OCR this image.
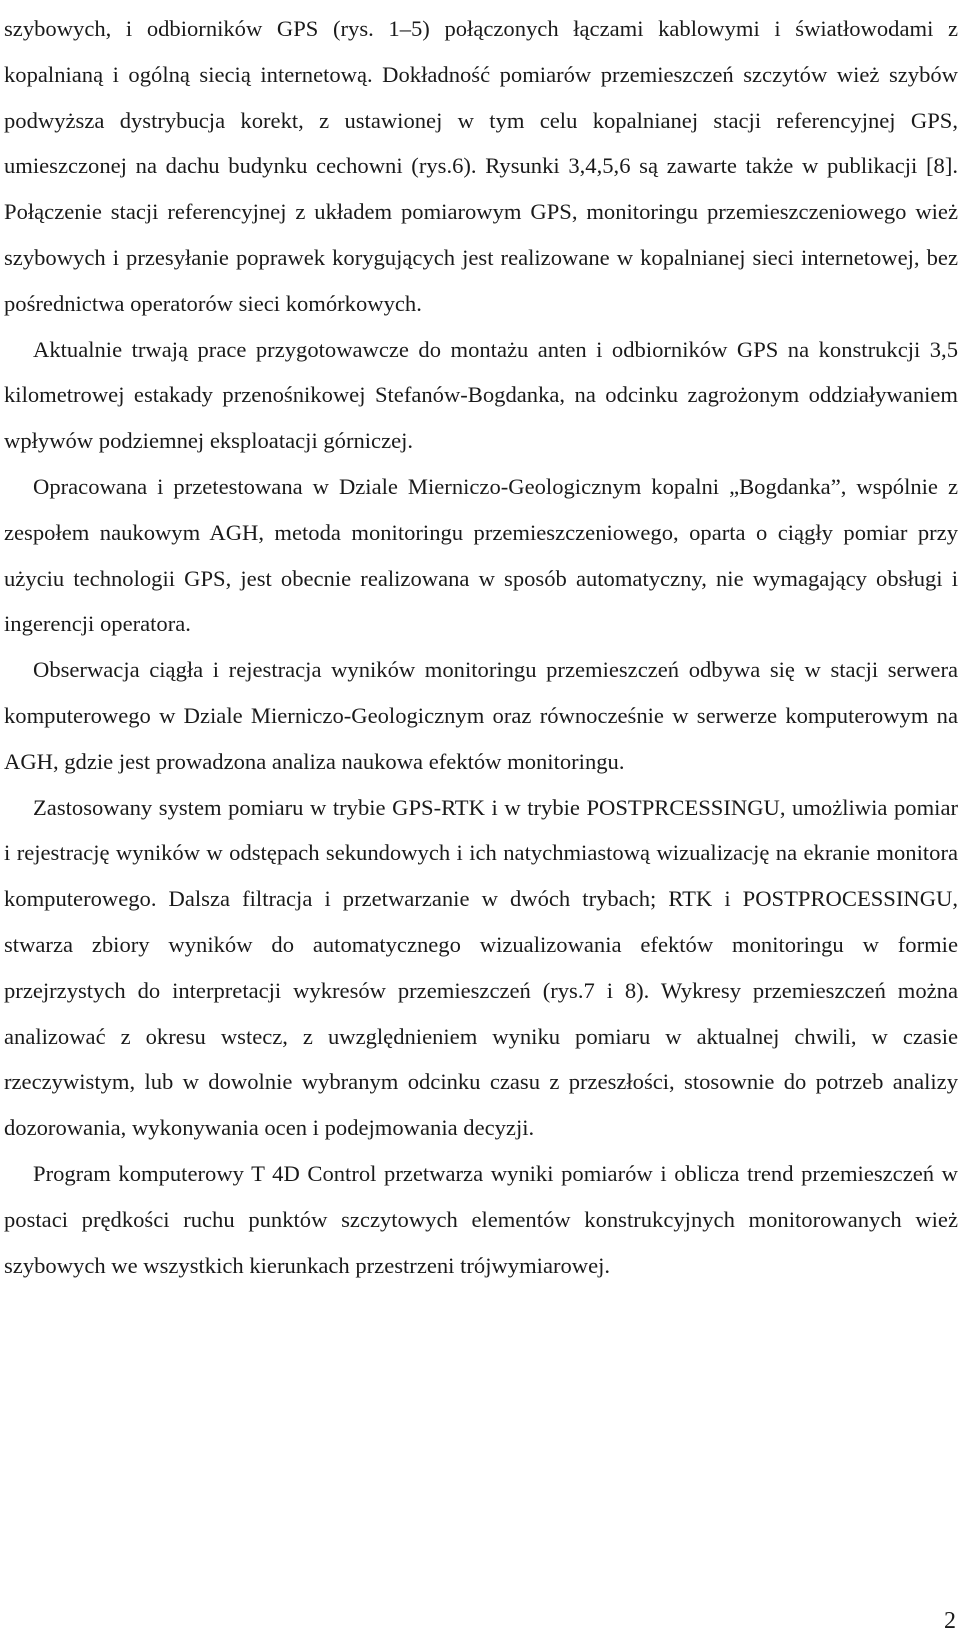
szybowych, i odbiorników GPS (rys. 1–5) połączonych łączami kablowymi i światłowodami z kopalnianą i ogólną siecią internetową. Dokładność pomiarów przemieszczeń szczytów wież szybów podwyższa dystrybucja korekt, z ustawionej w tym celu kopalnianej stacji referencyjnej GPS, umieszczonej na dachu budynku cechowni (rys.6). Rysunki 3,4,5,6 są zawarte także w publikacji [8]. Połączenie stacji referencyjnej z układem pomiarowym GPS, monitoringu przemieszczeniowego wież szybowych i przesyłanie poprawek korygujących jest realizowane w kopalnianej sieci internetowej, bez pośrednictwa operatorów sieci komórkowych.

Aktualnie trwają prace przygotowawcze do montażu anten i odbiorników GPS na konstrukcji 3,5 kilometrowej estakady przenośnikowej Stefanów-Bogdanka, na odcinku zagrożonym oddziaływaniem wpływów podziemnej eksploatacji górniczej.

Opracowana i przetestowana w Dziale Mierniczo-Geologicznym kopalni „Bogdanka”, wspólnie z zespołem naukowym AGH, metoda monitoringu przemieszczeniowego, oparta o ciągły pomiar przy użyciu technologii GPS, jest obecnie realizowana w sposób automatyczny, nie wymagający obsługi i ingerencji operatora.

Obserwacja ciągła i rejestracja wyników monitoringu przemieszczeń odbywa się w stacji serwera komputerowego w Dziale Mierniczo-Geologicznym oraz równocześnie w serwerze komputerowym na AGH, gdzie jest prowadzona analiza naukowa efektów monitoringu.

Zastosowany system pomiaru w trybie GPS-RTK i w trybie POSTPRCESSINGU, umożliwia pomiar i rejestrację wyników w odstępach sekundowych i ich natychmiastową wizualizację na ekranie monitora komputerowego. Dalsza filtracja i przetwarzanie w dwóch trybach; RTK i POSTPROCESSINGU, stwarza zbiory wyników do automatycznego wizualizowania efektów monitoringu w formie przejrzystych do interpretacji wykresów przemieszczeń (rys.7 i 8). Wykresy przemieszczeń można analizować z okresu wstecz, z uwzględnieniem wyniku pomiaru w aktualnej chwili, w czasie rzeczywistym, lub w dowolnie wybranym odcinku czasu z przeszłości, stosownie do potrzeb analizy dozorowania, wykonywania ocen i podejmowania decyzji.

Program komputerowy T 4D Control przetwarza wyniki pomiarów i oblicza trend przemieszczeń w postaci prędkości ruchu punktów szczytowych elementów konstrukcyjnych monitorowanych wież szybowych we wszystkich kierunkach przestrzeni trójwymiarowej.

2
